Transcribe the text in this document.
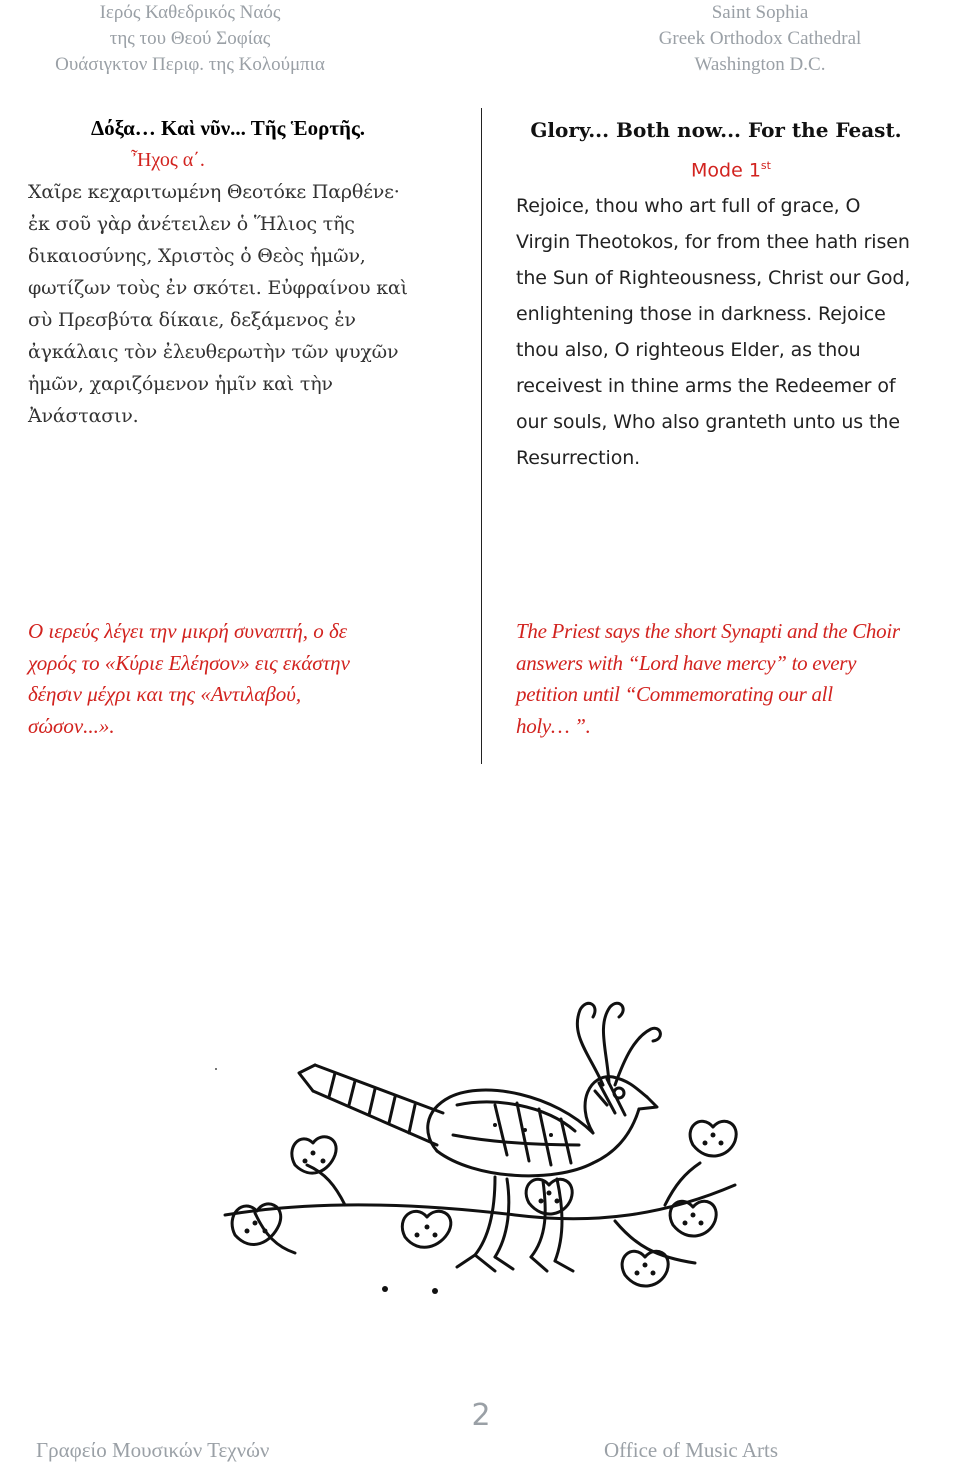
Ιερός Καθεδρικός Ναός
της του Θεού Σοφίας
Ουάσιγκτον Περιφ. της Κολούμπια
Saint Sophia
Greek Orthodox Cathedral
Washington D.C.
Δόξα… Καὶ νῦν... Τῆς Ἑορτῆς.
Ἦχος α΄.
Χαῖρε κεχαριτωμένη Θεοτόκε Παρθένε·
ἐκ σοῦ γὰρ ἀνέτειλεν ὁ Ἥλιος τῆς
δικαιοσύνης, Χριστὸς ὁ Θεὸς ἡμῶν,
φωτίζων τοὺς ἐν σκότει. Εὐφραίνου καὶ
σὺ Πρεσβύτα δίκαιε, δεξάμενος ἐν
ἀγκάλαις τὸν ἐλευθερωτὴν τῶν ψυχῶν
ἡμῶν, χαριζόμενον ἡμῖν καὶ τὴν
Ἀνάστασιν.
Glory... Both now... For the Feast.
Mode 1st
Rejoice, thou who art full of grace, O
Virgin Theotokos, for from thee hath risen
the Sun of Righteousness, Christ our God,
enlightening those in darkness. Rejoice
thou also, O righteous Elder, as thou
receivest in thine arms the Redeemer of
our souls, Who also granteth unto us the
Resurrection.
Ο ιερεύς λέγει την μικρή συναπτή, ο δε
χορός το «Κύριε Ελέησον» εις εκάστην
δέησιν μέχρι και της «Αντιλαβού,
σώσον...».
The Priest says the short Synapti and the Choir
answers with “Lord have mercy” to every
petition until “Commemorating our all
holy… ”.
2
Γραφείο Μουσικών Τεχνών	Office of Music Arts
